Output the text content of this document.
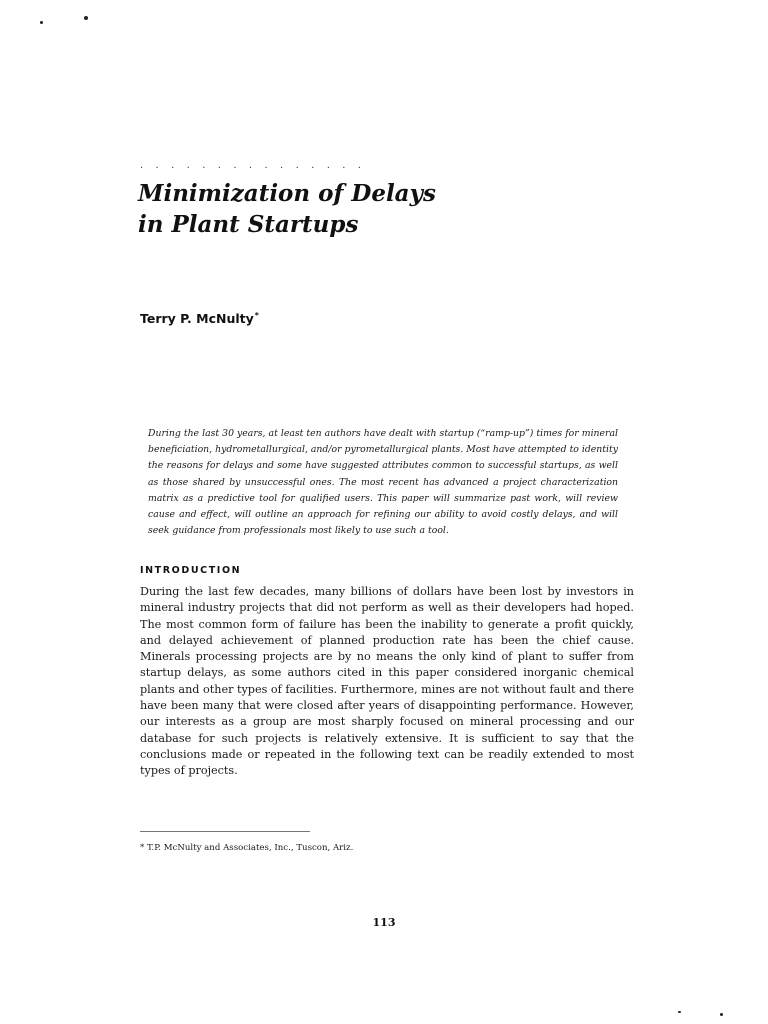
. . . . . . . . . . . . . . .
Minimization of Delays
in Plant Startups
Terry P. McNulty*

During the last 30 years, at least ten authors have dealt with startup (“ramp-up”) times for mineral beneficiation, hydrometallurgical, and/or pyrometallurgical plants. Most have attempted to identity the reasons for delays and some have suggested attributes common to successful startups, as well as those shared by unsuccessful ones. The most recent has advanced a project characterization matrix as a predictive tool for qualified users. This paper will summarize past work, will review cause and effect, will outline an approach for refining our ability to avoid costly delays, and will seek guidance from professionals most likely to use such a tool.

INTRODUCTION

During the last few decades, many billions of dollars have been lost by investors in mineral industry projects that did not perform as well as their developers had hoped. The most common form of failure has been the inability to generate a profit quickly, and delayed achievement of planned production rate has been the chief cause. Minerals processing projects are by no means the only kind of plant to suffer from startup delays, as some authors cited in this paper considered inorganic chemical plants and other types of facilities. Furthermore, mines are not without fault and there have been many that were closed after years of disappointing performance. However, our interests as a group are most sharply focused on mineral processing and our database for such projects is relatively extensive. It is sufficient to say that the conclusions made or repeated in the following text can be readily extended to most types of projects.

* T.P. McNulty and Associates, Inc., Tuscon, Ariz.
113
